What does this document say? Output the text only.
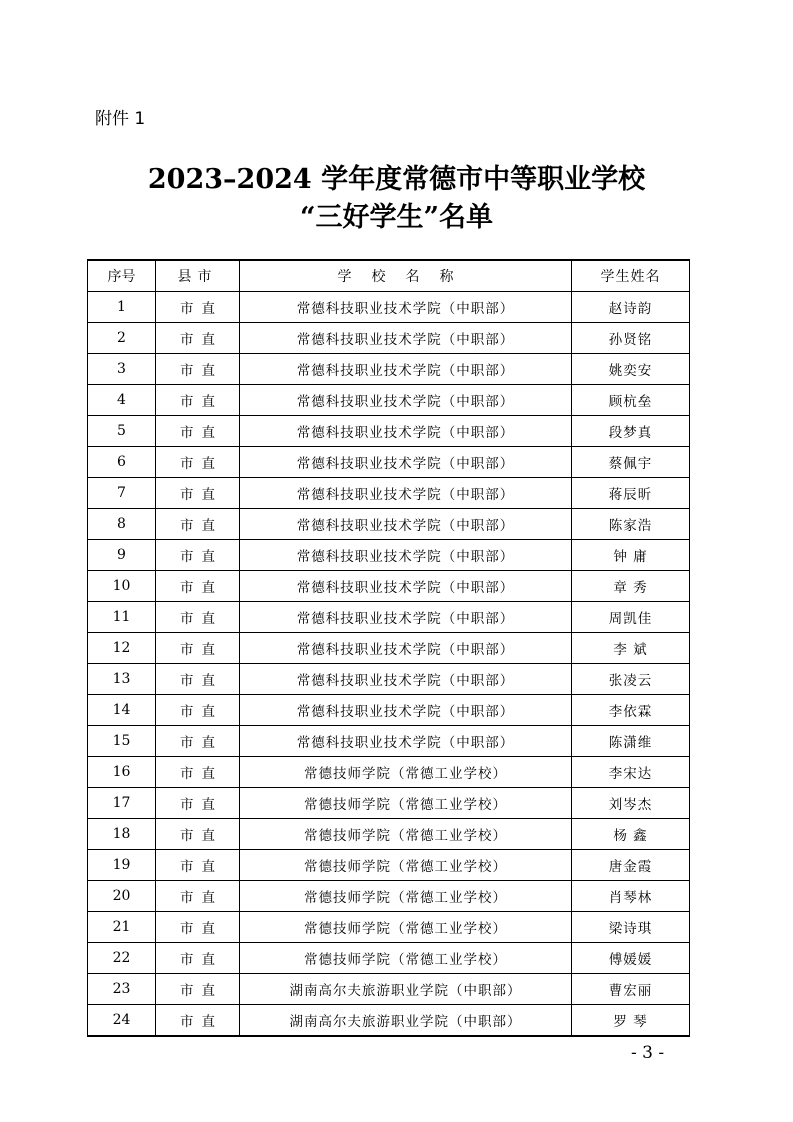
附件 1
2023–2024 学年度常德市中等职业学校
“三好学生”名单
序号	县市	学校名称	学生姓名
1	市直	常德科技职业技术学院（中职部）	赵诗韵
2	市直	常德科技职业技术学院（中职部）	孙贤铭
3	市直	常德科技职业技术学院（中职部）	姚奕安
4	市直	常德科技职业技术学院（中职部）	顾杭垒
5	市直	常德科技职业技术学院（中职部）	段梦真
6	市直	常德科技职业技术学院（中职部）	蔡佩宇
7	市直	常德科技职业技术学院（中职部）	蒋辰昕
8	市直	常德科技职业技术学院（中职部）	陈家浩
9	市直	常德科技职业技术学院（中职部）	钟 庸
10	市直	常德科技职业技术学院（中职部）	章 秀
11	市直	常德科技职业技术学院（中职部）	周凯佳
12	市直	常德科技职业技术学院（中职部）	李 斌
13	市直	常德科技职业技术学院（中职部）	张凌云
14	市直	常德科技职业技术学院（中职部）	李依霖
15	市直	常德科技职业技术学院（中职部）	陈潇维
16	市直	常德技师学院（常德工业学校）	李宋达
17	市直	常德技师学院（常德工业学校）	刘岑杰
18	市直	常德技师学院（常德工业学校）	杨 鑫
19	市直	常德技师学院（常德工业学校）	唐金霞
20	市直	常德技师学院（常德工业学校）	肖琴林
21	市直	常德技师学院（常德工业学校）	梁诗琪
22	市直	常德技师学院（常德工业学校）	傅媛媛
23	市直	湖南高尔夫旅游职业学院（中职部）	曹宏丽
24	市直	湖南高尔夫旅游职业学院（中职部）	罗 琴
- 3 -
